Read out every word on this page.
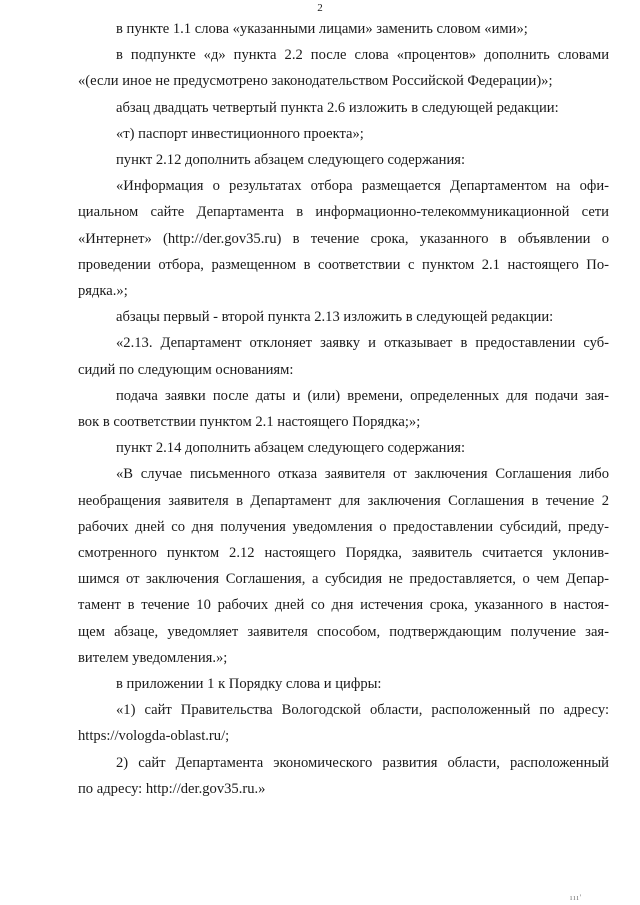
2
в пункте 1.1 слова «указанными лицами» заменить словом «ими»;
в подпункте «д» пункта 2.2 после слова «процентов» дополнить словами
«(если иное не предусмотрено законодательством Российской Федерации)»;
абзац двадцать четвертый пункта 2.6 изложить в следующей редакции:
«т) паспорт инвестиционного проекта»;
пункт 2.12 дополнить абзацем следующего содержания:
«Информация о результатах отбора размещается Департаментом на офи-
циальном сайте Департамента в информационно-телекоммуникационной сети
«Интернет» (http://der.gov35.ru) в течение срока, указанного в объявлении о
проведении отбора, размещенном в соответствии с пунктом 2.1 настоящего По-
рядка.»;
абзацы первый - второй пункта 2.13 изложить в следующей редакции:
«2.13. Департамент отклоняет заявку и отказывает в предоставлении суб-
сидий по следующим основаниям:
подача заявки после даты и (или) времени, определенных для подачи зая-
вок в соответствии пунктом 2.1 настоящего Порядка;»;
пункт 2.14 дополнить абзацем следующего содержания:
«В случае письменного отказа заявителя от заключения Соглашения либо
необращения заявителя в Департамент для заключения Соглашения в течение 2
рабочих дней со дня получения уведомления о предоставлении субсидий, преду-
смотренного пунктом 2.12 настоящего Порядка, заявитель считается уклонив-
шимся от заключения Соглашения, а субсидия не предоставляется, о чем Депар-
тамент в течение 10 рабочих дней со дня истечения срока, указанного в настоя-
щем абзаце, уведомляет заявителя способом, подтверждающим получение зая-
вителем уведомления.»;
в приложении 1 к Порядку слова и цифры:
«1) сайт Правительства Вологодской области, расположенный по адресу:
https://vologda-oblast.ru/;
2) сайт Департамента экономического развития области, расположенный
по адресу: http://der.gov35.ru.»
ııı'
